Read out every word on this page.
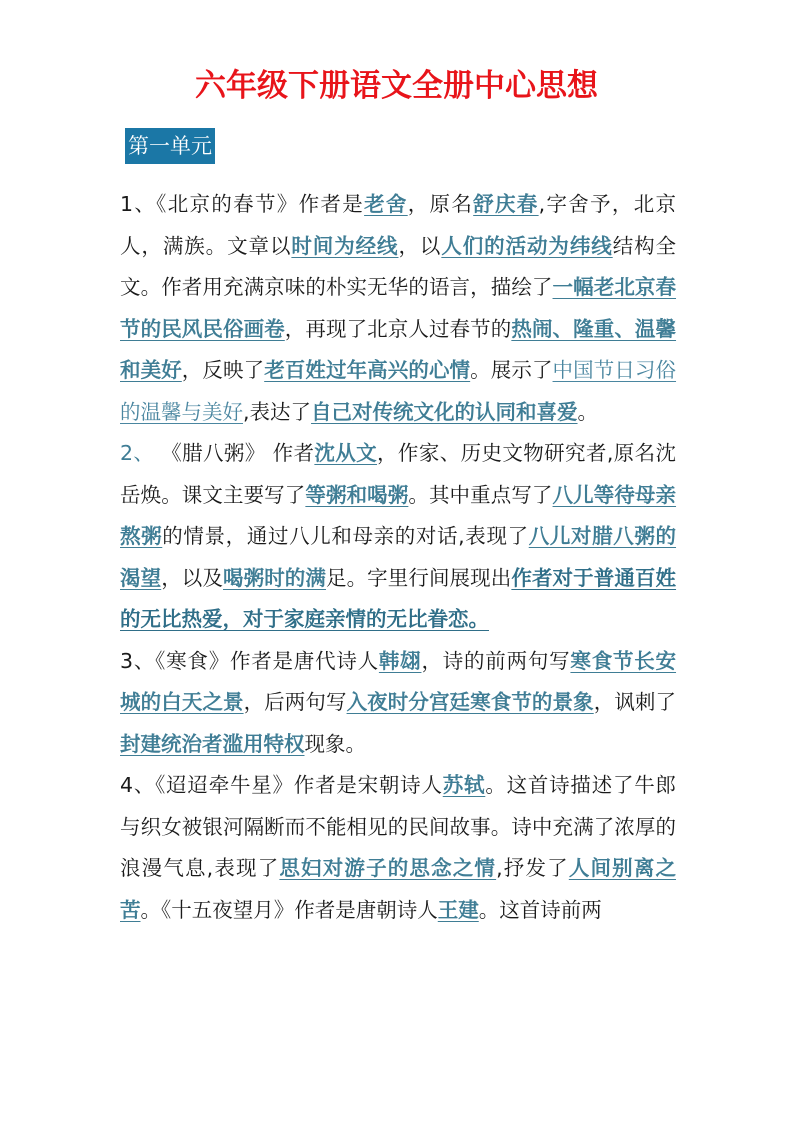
六年级下册语文全册中心思想
第一单元

1、《北京的春节》作者是老舍，原名舒庆春,字舍予，北京人，满族。文章以时间为经线，以人们的活动为纬线结构全文。作者用充满京味的朴实无华的语言，描绘了一幅老北京春节的民风民俗画卷，再现了北京人过春节的热闹、隆重、温馨和美好，反映了老百姓过年高兴的心情。展示了中国节日习俗的温馨与美好,表达了自己对传统文化的认同和喜爱。

2、 《腊八粥》 作者沈从文，作家、历史文物研究者,原名沈岳焕。课文主要写了等粥和喝粥。其中重点写了八儿等待母亲熬粥的情景，通过八儿和母亲的对话,表现了八儿对腊八粥的渴望，以及喝粥时的满足。字里行间展现出作者对于普通百姓的无比热爱，对于家庭亲情的无比眷恋。

3、《寒食》作者是唐代诗人韩翃，诗的前两句写寒食节长安城的白天之景，后两句写入夜时分宫廷寒食节的景象，讽刺了封建统治者滥用特权现象。

4、《迢迢牵牛星》作者是宋朝诗人苏轼。这首诗描述了牛郎与织女被银河隔断而不能相见的民间故事。诗中充满了浓厚的浪漫气息,表现了思妇对游子的思念之情,抒发了人间别离之苦。《十五夜望月》作者是唐朝诗人王建。这首诗前两
